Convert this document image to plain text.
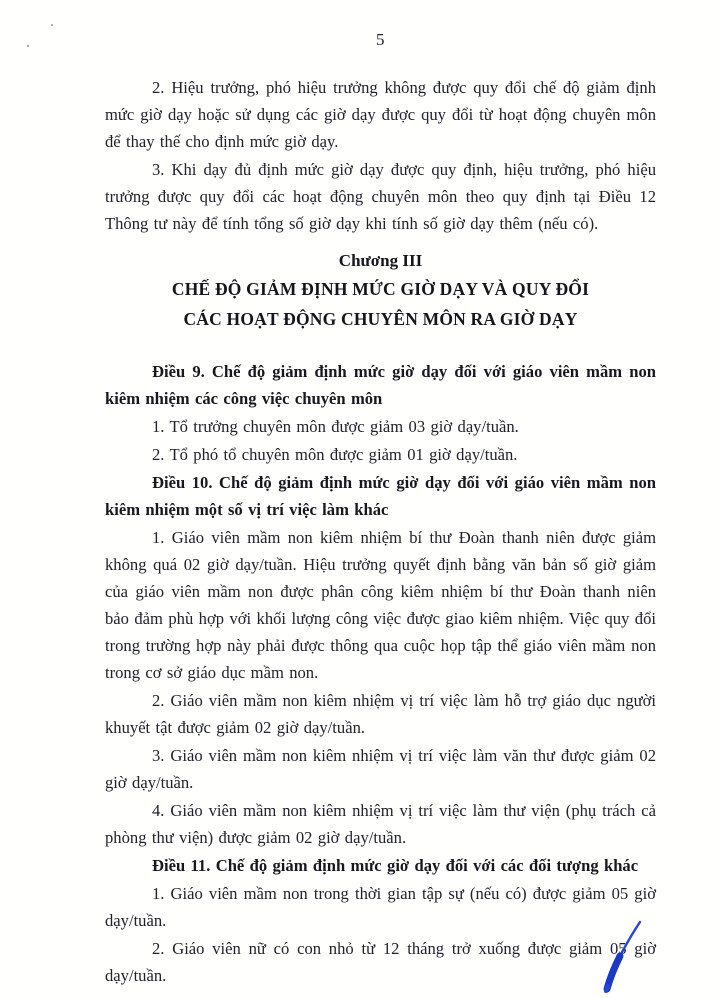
5

2. Hiệu trưởng, phó hiệu trưởng không được quy đổi chế độ giảm định mức giờ dạy hoặc sử dụng các giờ dạy được quy đổi từ hoạt động chuyên môn để thay thế cho định mức giờ dạy.

3. Khi dạy đủ định mức giờ dạy được quy định, hiệu trưởng, phó hiệu trưởng được quy đổi các hoạt động chuyên môn theo quy định tại Điều 12 Thông tư này để tính tổng số giờ dạy khi tính số giờ dạy thêm (nếu có).

Chương III

CHẾ ĐỘ GIẢM ĐỊNH MỨC GIỜ DẠY VÀ QUY ĐỔI

CÁC HOẠT ĐỘNG CHUYÊN MÔN RA GIỜ DẠY

Điều 9. Chế độ giảm định mức giờ dạy đối với giáo viên mầm non kiêm nhiệm các công việc chuyên môn

1. Tổ trưởng chuyên môn được giảm 03 giờ dạy/tuần.

2. Tổ phó tổ chuyên môn được giảm 01 giờ dạy/tuần.

Điều 10. Chế độ giảm định mức giờ dạy đối với giáo viên mầm non kiêm nhiệm một số vị trí việc làm khác

1. Giáo viên mầm non kiêm nhiệm bí thư Đoàn thanh niên được giảm không quá 02 giờ dạy/tuần. Hiệu trưởng quyết định bằng văn bản số giờ giảm của giáo viên mầm non được phân công kiêm nhiệm bí thư Đoàn thanh niên bảo đảm phù hợp với khối lượng công việc được giao kiêm nhiệm. Việc quy đổi trong trường hợp này phải được thông qua cuộc họp tập thể giáo viên mầm non trong cơ sở giáo dục mầm non.

2. Giáo viên mầm non kiêm nhiệm vị trí việc làm hỗ trợ giáo dục người khuyết tật được giảm 02 giờ dạy/tuần.

3. Giáo viên mầm non kiêm nhiệm vị trí việc làm văn thư được giảm 02 giờ dạy/tuần.

4. Giáo viên mầm non kiêm nhiệm vị trí việc làm thư viện (phụ trách cả phòng thư viện) được giảm 02 giờ dạy/tuần.

Điều 11. Chế độ giảm định mức giờ dạy đối với các đối tượng khác

1. Giáo viên mầm non trong thời gian tập sự (nếu có) được giảm 05 giờ dạy/tuần.

2. Giáo viên nữ có con nhỏ từ 12 tháng trở xuống được giảm 05 giờ dạy/tuần.
